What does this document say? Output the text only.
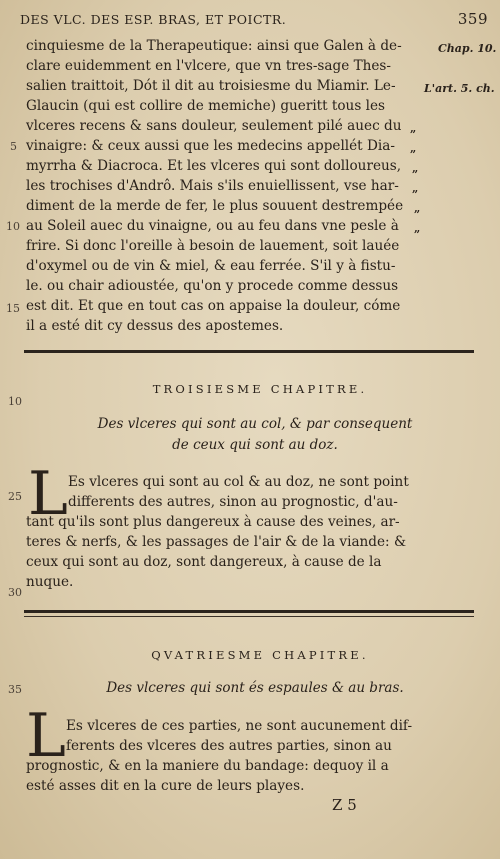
DES VLC. DES ESP. BRAS, ET POICTR.	359
cinquiesme de la Therapeutique: ainsi que Galen à de-
clare euidemment en l'vlcere, que vn tres-sage Thes-
salien traittoit, Dót il dit au troisiesme du Miamir. Le-
Glaucin (qui est collire de memiche) gueritt tous les
vlceres recens & sans douleur, seulement pilé auec du
vinaigre: & ceux aussi que les medecins appellét Dia-
myrrha & Diacroca. Et les vlceres qui sont dolloureus,
les trochises d'Andrô. Mais s'ils enuiellissent, vse har-
diment de la merde de fer, le plus souuent destrempée
au Soleil auec du vinaigne, ou au feu dans vne pesle à
frire. Si donc l'oreille à besoin de lauement, soit lauée
d'oxymel ou de vin & miel, & eau ferrée. S'il y à fistu-
le. ou chair adioustée, qu'on y procede comme dessus
est dit. Et que en tout cas on appaise la douleur, cóme
il a esté dit cy dessus des apostemes.
Chap. 10.
L'art. 5. ch.
„
„
„
„
„
„
5
10
15
10
25
30
35
TROISIESME CHAPITRE.
Des vlceres qui sont au col, & par consequent
de ceux qui sont au doz.
L Es vlceres qui sont au col & au doz, ne sont point
differents des autres, sinon au prognostic, d'au-
tant qu'ils sont plus dangereux à cause des veines, ar-
teres & nerfs, & les passages de l'air & de la viande: &
ceux qui sont au doz, sont dangereux, à cause de la
nuque.
QVATRIESME CHAPITRE.
Des vlceres qui sont és espaules & au bras.
L Es vlceres de ces parties, ne sont aucunement dif-
ferents des vlceres des autres parties, sinon au
prognostic, & en la maniere du bandage: dequoy il a
esté asses dit en la cure de leurs playes.
Z 5
